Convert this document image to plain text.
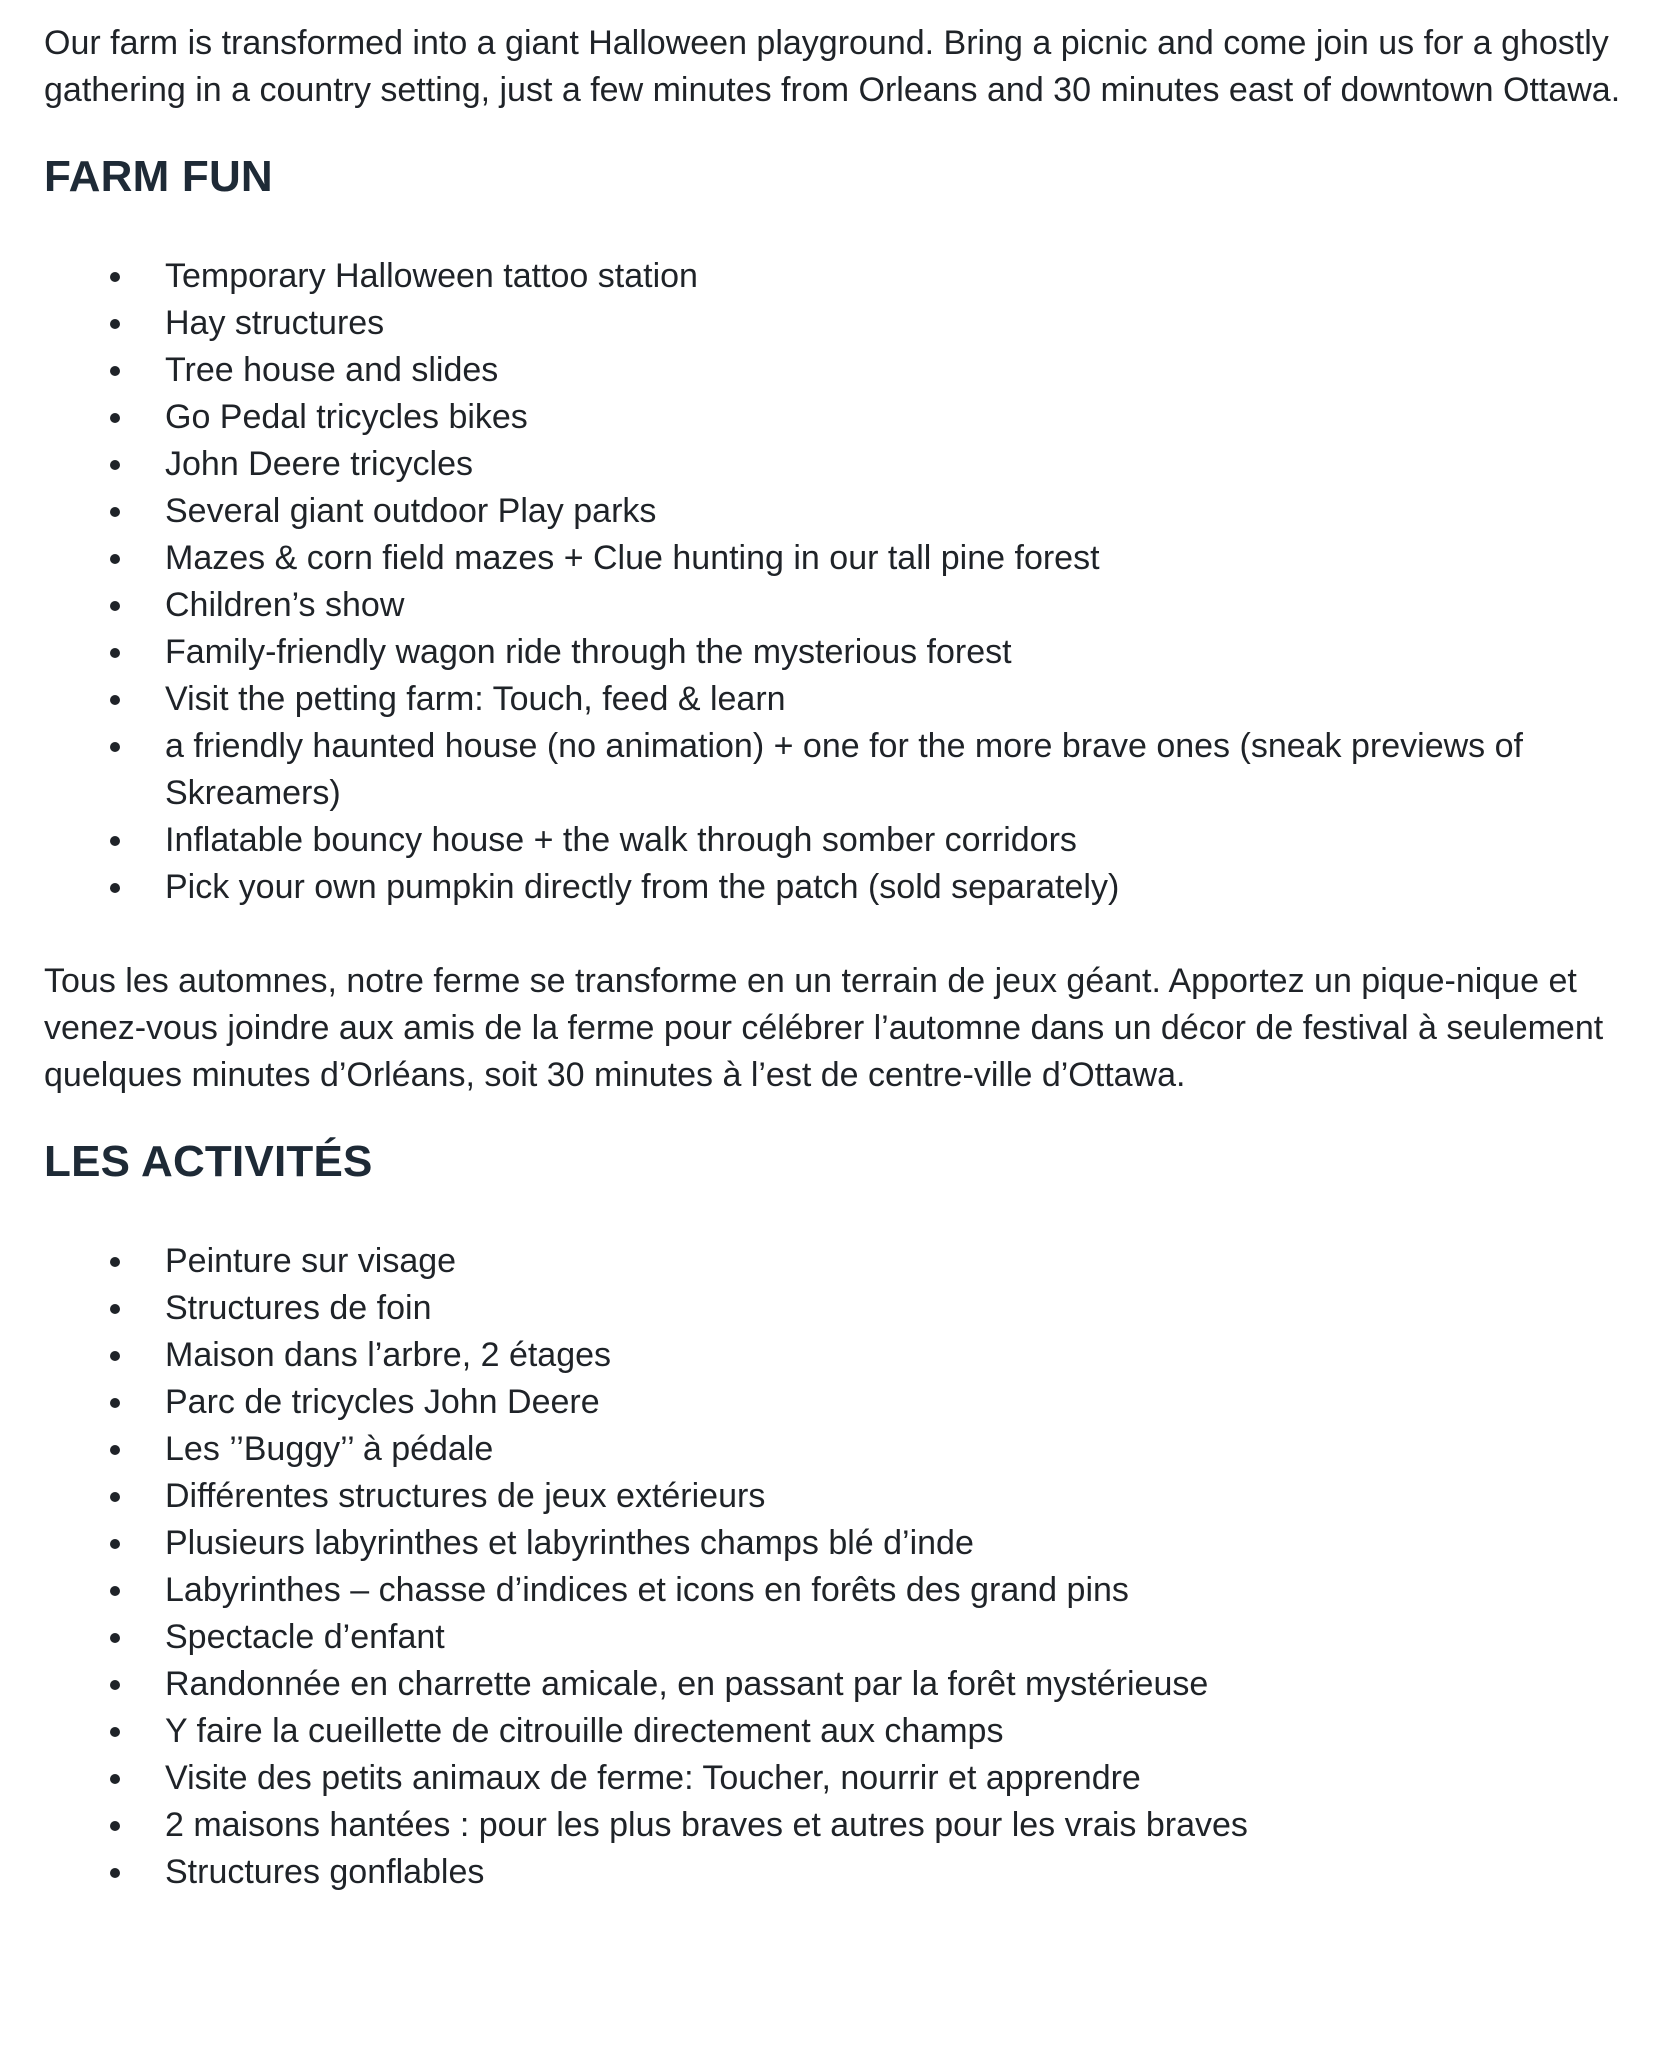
Our farm is transformed into a giant Halloween playground. Bring a picnic and come join us for a ghostly gathering in a country setting, just a few minutes from Orleans and 30 minutes east of downtown Ottawa.

FARM FUN
Temporary Halloween tattoo station
Hay structures
Tree house and slides
Go Pedal tricycles bikes
John Deere tricycles
Several giant outdoor Play parks
Mazes & corn field mazes + Clue hunting in our tall pine forest
Children’s show
Family-friendly wagon ride through the mysterious forest
Visit the petting farm: Touch, feed & learn
a friendly haunted house (no animation) + one for the more brave ones (sneak previews of Skreamers)
Inflatable bouncy house + the walk through somber corridors
Pick your own pumpkin directly from the patch (sold separately)

Tous les automnes, notre ferme se transforme en un terrain de jeux géant. Apportez un pique-nique et venez-vous joindre aux amis de la ferme pour célébrer l’automne dans un décor de festival à seulement quelques minutes d’Orléans, soit 30 minutes à l’est de centre-ville d’Ottawa.

LES ACTIVITÉS
Peinture sur visage
Structures de foin
Maison dans l’arbre, 2 étages
Parc de tricycles John Deere
Les ’’Buggy’’ à pédale
Différentes structures de jeux extérieurs
Plusieurs labyrinthes et labyrinthes champs blé d’inde
Labyrinthes – chasse d’indices et icons en forêts des grand pins
Spectacle d’enfant
Randonnée en charrette amicale, en passant par la forêt mystérieuse
Y faire la cueillette de citrouille directement aux champs
Visite des petits animaux de ferme: Toucher, nourrir et apprendre
2 maisons hantées : pour les plus braves et autres pour les vrais braves
Structures gonflables
